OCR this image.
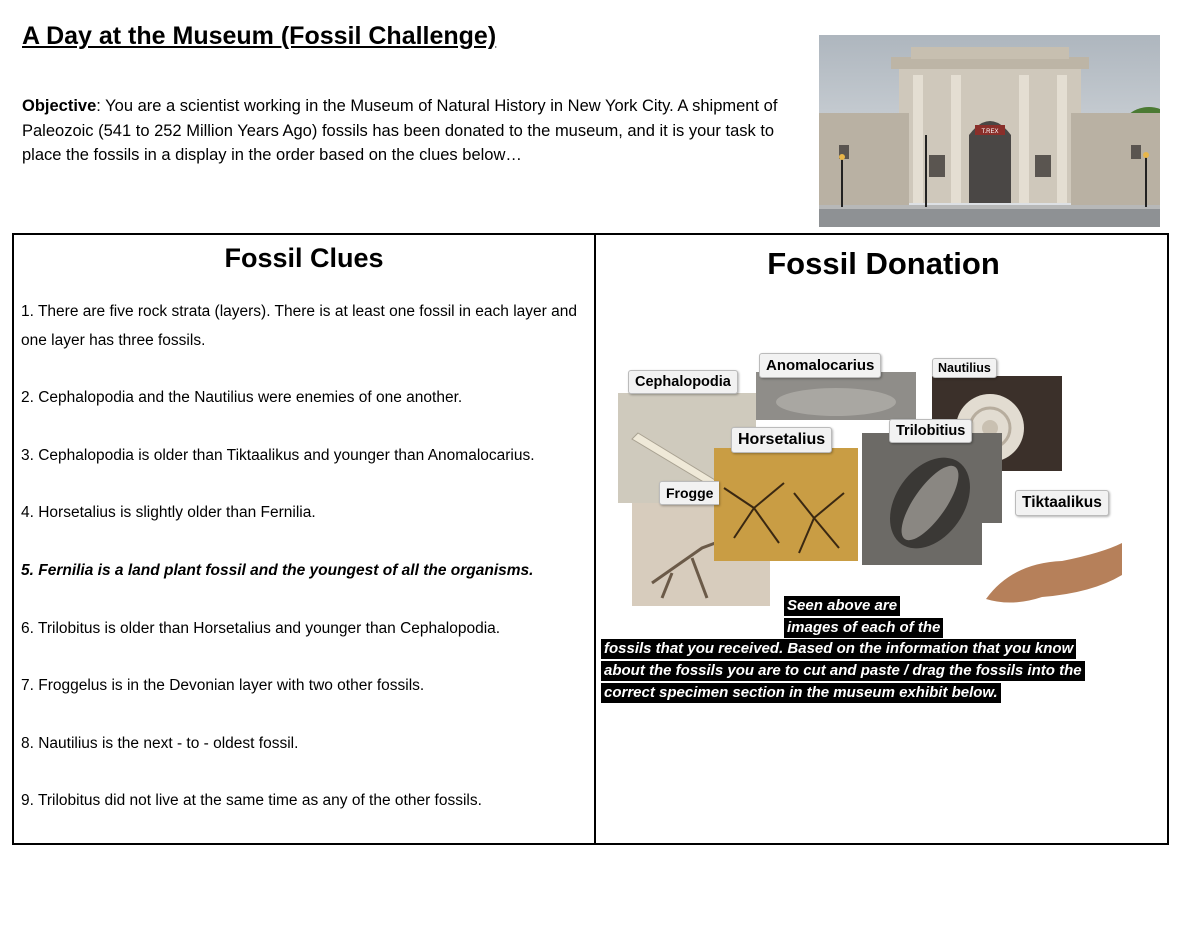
A Day at the Museum (Fossil Challenge)

Objective: You are a scientist working in the Museum of Natural History in New York City. A shipment of Paleozoic (541 to 252 Million Years Ago) fossils has been donated to the museum, and it is your task to place the fossils in a display in the order based on the clues below…

T.REX
Fossil Clues

1. There are five rock strata (layers). There is at least one fossil in each layer and one layer has three fossils.

2. Cephalopodia and the Nautilius were enemies of one another.

3. Cephalopodia is older than Tiktaalikus and younger than Anomalocarius.

4. Horsetalius is slightly older than Fernilia.

5. Fernilia is a land plant fossil and the youngest of all the organisms.

6. Trilobitus is older than Horsetalius and younger than Cephalopodia.

7. Froggelus is in the Devonian layer with two other fossils.

8. Nautilius is the next - to - oldest fossil.

9. Trilobitus did not live at the same time as any of the other fossils.

Fossil Donation
Cephalopodia
Anomalocarius	Nautilius
Horsetalius	Trilobitius
Frogge
Tiktaalikus
Seen above are
images of each of the
fossils that you received. Based on the information that you know
about the fossils you are to cut and paste / drag the fossils into the
correct specimen section in the museum exhibit below.
